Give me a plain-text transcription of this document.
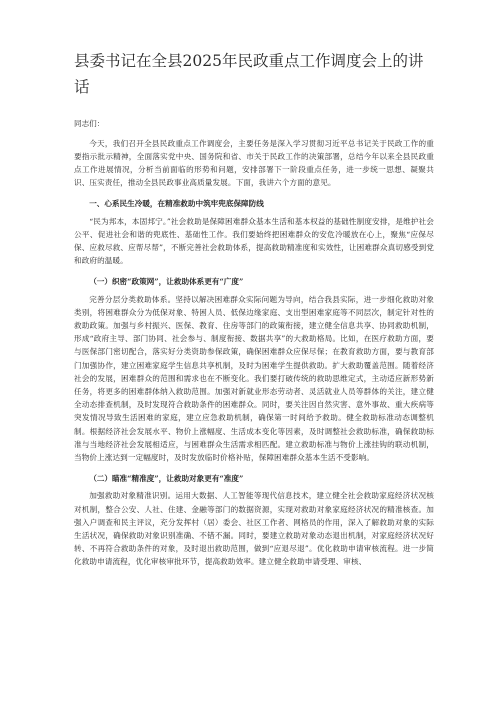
县委书记在全县2025年民政重点工作调度会上的讲话
同志们：

今天，我们召开全县民政重点工作调度会，主要任务是深入学习贯彻习近平总书记关于民政工作的重要指示批示精神，全面落实党中央、国务院和省、市关于民政工作的决策部署，总结今年以来全县民政重点工作进展情况，分析当前面临的形势和问题，安排部署下一阶段重点任务，进一步统一思想、凝聚共识、压实责任，推动全县民政事业高质量发展。下面，我讲六个方面的意见。

一、心系民生冷暖，在精准救助中筑牢兜底保障防线

“民为邦本，本固邦宁。”社会救助是保障困难群众基本生活和基本权益的基础性制度安排，是维护社会公平、促进社会和谐的兜底性、基础性工作。我们要始终把困难群众的安危冷暖放在心上，聚焦“应保尽保、应救尽救、应帮尽帮”，不断完善社会救助体系，提高救助精准度和实效性，让困难群众真切感受到党和政府的温暖。

（一）织密“政策网”，让救助体系更有“广度”

完善分层分类救助体系。坚持以解决困难群众实际问题为导向，结合我县实际，进一步细化救助对象类别，将困难群众分为低保对象、特困人员、低保边缘家庭、支出型困难家庭等不同层次，制定针对性的救助政策。加强与乡村振兴、医保、教育、住房等部门的政策衔接，建立健全信息共享、协同救助机制，形成“政府主导、部门协同、社会参与、制度衔接、数据共享”的大救助格局。比如，在医疗救助方面，要与医保部门密切配合，落实好分类资助参保政策，确保困难群众应保尽保；在教育救助方面，要与教育部门加强协作，建立困难家庭学生信息共享机制，及时为困难学生提供救助。扩大救助覆盖范围。随着经济社会的发展，困难群众的范围和需求也在不断变化。我们要打破传统的救助思维定式，主动适应新形势新任务，将更多的困难群体纳入救助范围。加强对新就业形态劳动者、灵活就业人员等群体的关注，建立健全动态排查机制，及时发现符合救助条件的困难群众。同时，要关注因自然灾害、意外事故、重大疾病等突发情况导致生活困难的家庭，建立应急救助机制，确保第一时间给予救助。健全救助标准动态调整机制。根据经济社会发展水平、物价上涨幅度、生活成本变化等因素，及时调整社会救助标准，确保救助标准与当地经济社会发展相适应，与困难群众生活需求相匹配。建立救助标准与物价上涨挂钩的联动机制，当物价上涨达到一定幅度时，及时发放临时价格补贴，保障困难群众基本生活不受影响。

（二）瞄准“精准度”，让救助对象更有“准度”

加强救助对象精准识别。运用大数据、人工智能等现代信息技术，建立健全社会救助家庭经济状况核对机制，整合公安、人社、住建、金融等部门的数据资源，实现对救助对象家庭经济状况的精准核查。加强入户调查和民主评议，充分发挥村（居）委会、社区工作者、网格员的作用，深入了解救助对象的实际生活状况，确保救助对象识别准确、不错不漏。同时，要建立救助对象动态退出机制，对家庭经济状况好转、不再符合救助条件的对象，及时退出救助范围，做到“应退尽退”。优化救助申请审核流程。进一步简化救助申请流程，优化审核审批环节，提高救助效率。建立健全救助申请受理、审核、
